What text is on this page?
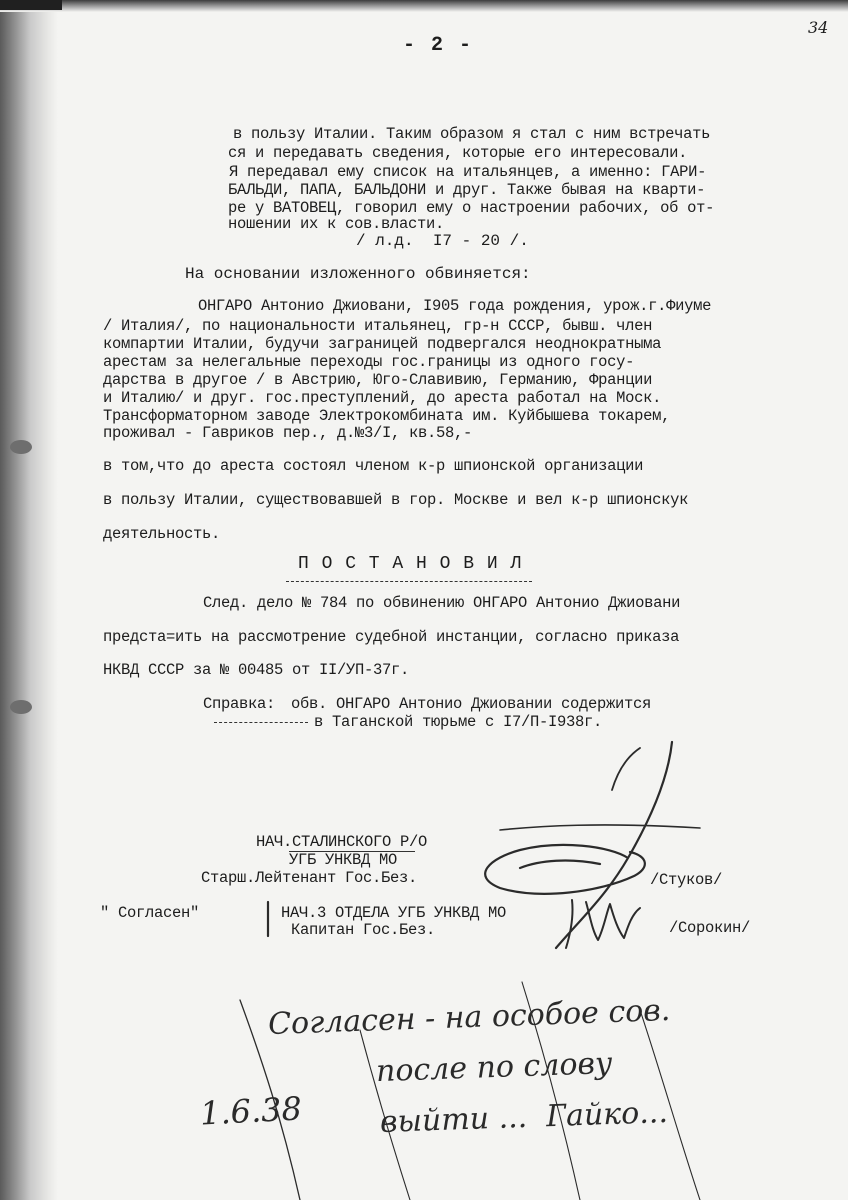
- 2 -
34
в пользу Италии. Таким образом я стал с ним встречать
ся и передавать сведения, которые его интересовали.
Я передавал ему список на итальянцев, а именно: ГАРИ-
БАЛЬДИ, ПАПА, БАЛЬДОНИ и друг. Также бывая на кварти-
ре у ВАТОВЕЦ, говорил ему о настроении рабочих, об от-
ношении их к сов.власти.
/ л.д.  I7 - 20 /.
На основании изложенного обвиняется:
ОНГАРО Антонио Джиовани, I905 года рождения, урож.г.Фиуме
/ Италия/, по национальности итальянец, гр-н СССР, бывш. член
компартии Италии, будучи заграницей подвергался неоднократныма
арестам за нелегальные переходы гос.границы из одного госу-
дарства в другое / в Австрию, Юго-Славивию, Германию, Франции
и Италию/ и друг. гос.преступлений, до ареста работал на Моск.
Трансформаторном заводе Электрокомбината им. Куйбышева токарем,
проживал - Гавриков пер., д.№3/I, кв.58,-
в том,что до ареста состоял членом к-р шпионской организации
в пользу Италии, существовавшей в гор. Москве и вел к-р шпионскук
деятельность.
П О С Т А Н О В И Л
След. дело № 784 по обвинению ОНГАРО Антонио Джиовани
предста=ить на рассмотрение судебной инстанции, согласно приказа
НКВД СССР за № 00485 от II/УП-37г.
Справка: обв. ОНГАРО Антонио Джиовании содержится
в Таганской тюрьме с I7/П-I938г.
НАЧ.СТАЛИНСКОГО Р/О
УГБ УНКВД МО
Старш.Лейтенант Гос.Без.	/Стуков/
" Согласен"	НАЧ.3 ОТДЕЛА УГБ УНКВД МО
Капитан Гос.Без.	/Сорокин/
Согласен - на особое сов.
после по слову
выйти ...  Гайко...
1.6.38
